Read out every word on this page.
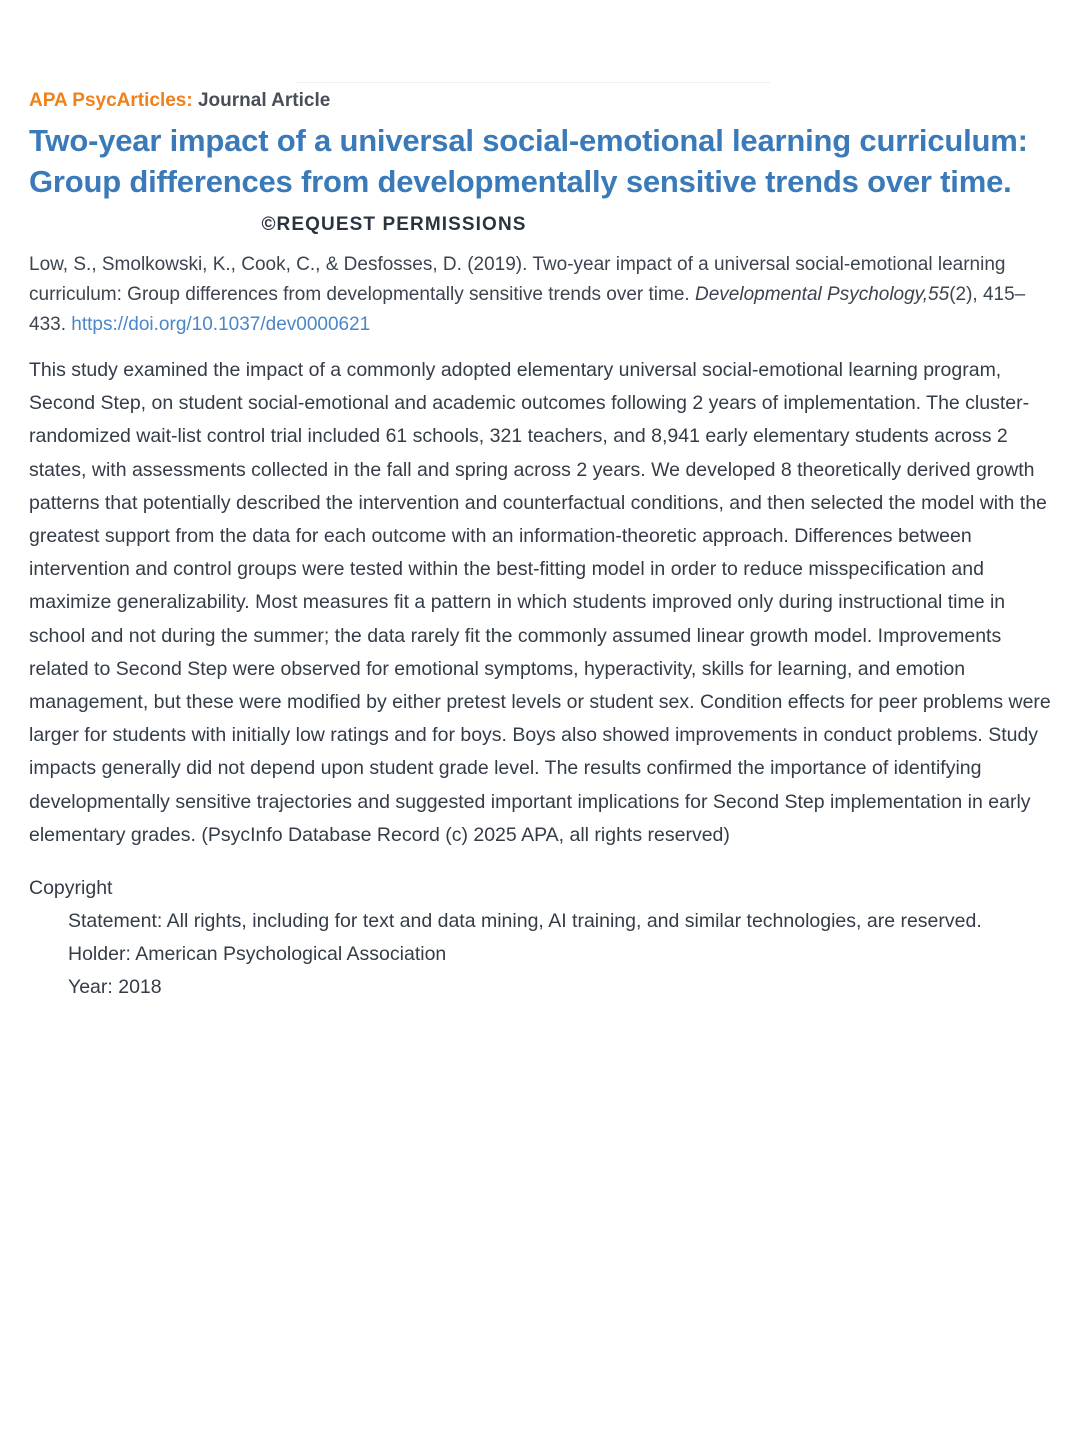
APA PsycArticles: Journal Article

Two-year impact of a universal social-emotional learning curriculum: Group differences from developmentally sensitive trends over time.
©REQUEST PERMISSIONS

Low, S., Smolkowski, K., Cook, C., & Desfosses, D. (2019). Two-year impact of a universal social-emotional learning curriculum: Group differences from developmentally sensitive trends over time. Developmental Psychology,55(2), 415–433. https://doi.org/10.1037/dev0000621

This study examined the impact of a commonly adopted elementary universal social-emotional learning program, Second Step, on student social-emotional and academic outcomes following 2 years of implementation. The cluster-randomized wait-list control trial included 61 schools, 321 teachers, and 8,941 early elementary students across 2 states, with assessments collected in the fall and spring across 2 years. We developed 8 theoretically derived growth patterns that potentially described the intervention and counterfactual conditions, and then selected the model with the greatest support from the data for each outcome with an information-theoretic approach. Differences between intervention and control groups were tested within the best-fitting model in order to reduce misspecification and maximize generalizability. Most measures fit a pattern in which students improved only during instructional time in school and not during the summer; the data rarely fit the commonly assumed linear growth model. Improvements related to Second Step were observed for emotional symptoms, hyperactivity, skills for learning, and emotion management, but these were modified by either pretest levels or student sex. Condition effects for peer problems were larger for students with initially low ratings and for boys. Boys also showed improvements in conduct problems. Study impacts generally did not depend upon student grade level. The results confirmed the importance of identifying developmentally sensitive trajectories and suggested important implications for Second Step implementation in early elementary grades. (PsycInfo Database Record (c) 2025 APA, all rights reserved)

Copyright

Statement: All rights, including for text and data mining, AI training, and similar technologies, are reserved.

Holder: American Psychological Association

Year: 2018
